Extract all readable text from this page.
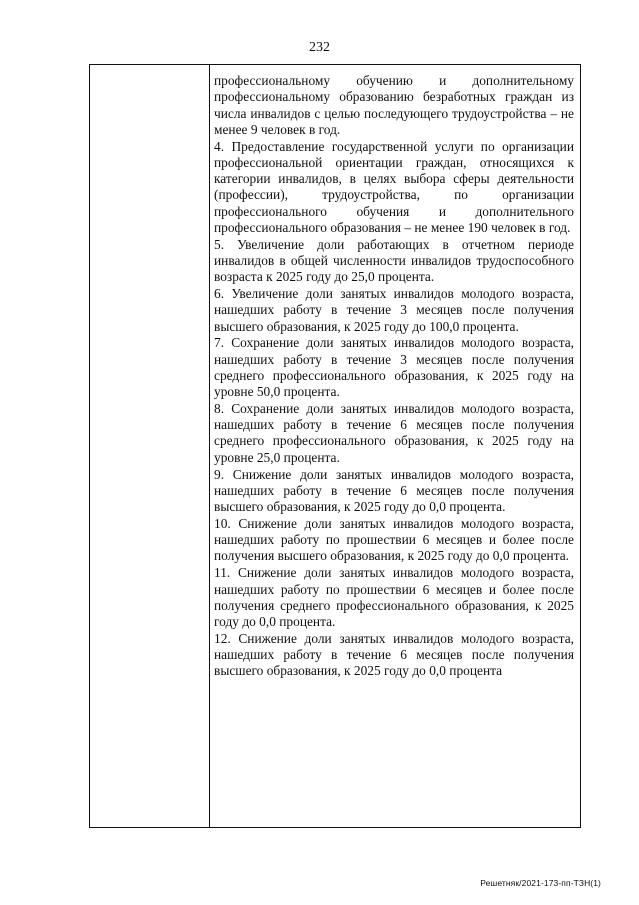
232

профессиональному обучению и дополнительному профессиональному образованию безработных граждан из числа инвалидов с целью последующего трудоустройства – не менее 9 человек в год.

4. Предоставление государственной услуги по организации профессиональной ориентации граждан, относящихся к категории инвалидов, в целях выбора сферы деятельности (профессии), трудоустройства, по организации профессионального обучения и дополнительного профессионального образования – не менее 190 человек в год.

5. Увеличение доли работающих в отчетном периоде инвалидов в общей численности инвалидов трудоспособного возраста к 2025 году до 25,0 процента.

6. Увеличение доли занятых инвалидов молодого возраста, нашедших работу в течение 3 месяцев после получения высшего образования, к 2025 году до 100,0 процента.

7. Сохранение доли занятых инвалидов молодого возраста, нашедших работу в течение 3 месяцев после получения среднего профессионального образования, к 2025 году на уровне 50,0 процента.

8. Сохранение доли занятых инвалидов молодого возраста, нашедших работу в течение 6 месяцев после получения среднего профессионального образования, к 2025 году на уровне 25,0 процента.

9. Снижение доли занятых инвалидов молодого возраста, нашедших работу в течение 6 месяцев после получения высшего образования, к 2025 году до 0,0 процента.

10. Снижение доли занятых инвалидов молодого возраста, нашедших работу по прошествии 6 месяцев и более после получения высшего образования, к 2025 году до 0,0 процента.

11. Снижение доли занятых инвалидов молодого возраста, нашедших работу по прошествии 6 месяцев и более после получения среднего профессионального образования, к 2025 году до 0,0 процента.

12. Снижение доли занятых инвалидов молодого возраста, нашедших работу в течение 6 месяцев после получения высшего образования, к 2025 году до 0,0 процента

Решетняк/2021-173-пп-ТЗН(1)
